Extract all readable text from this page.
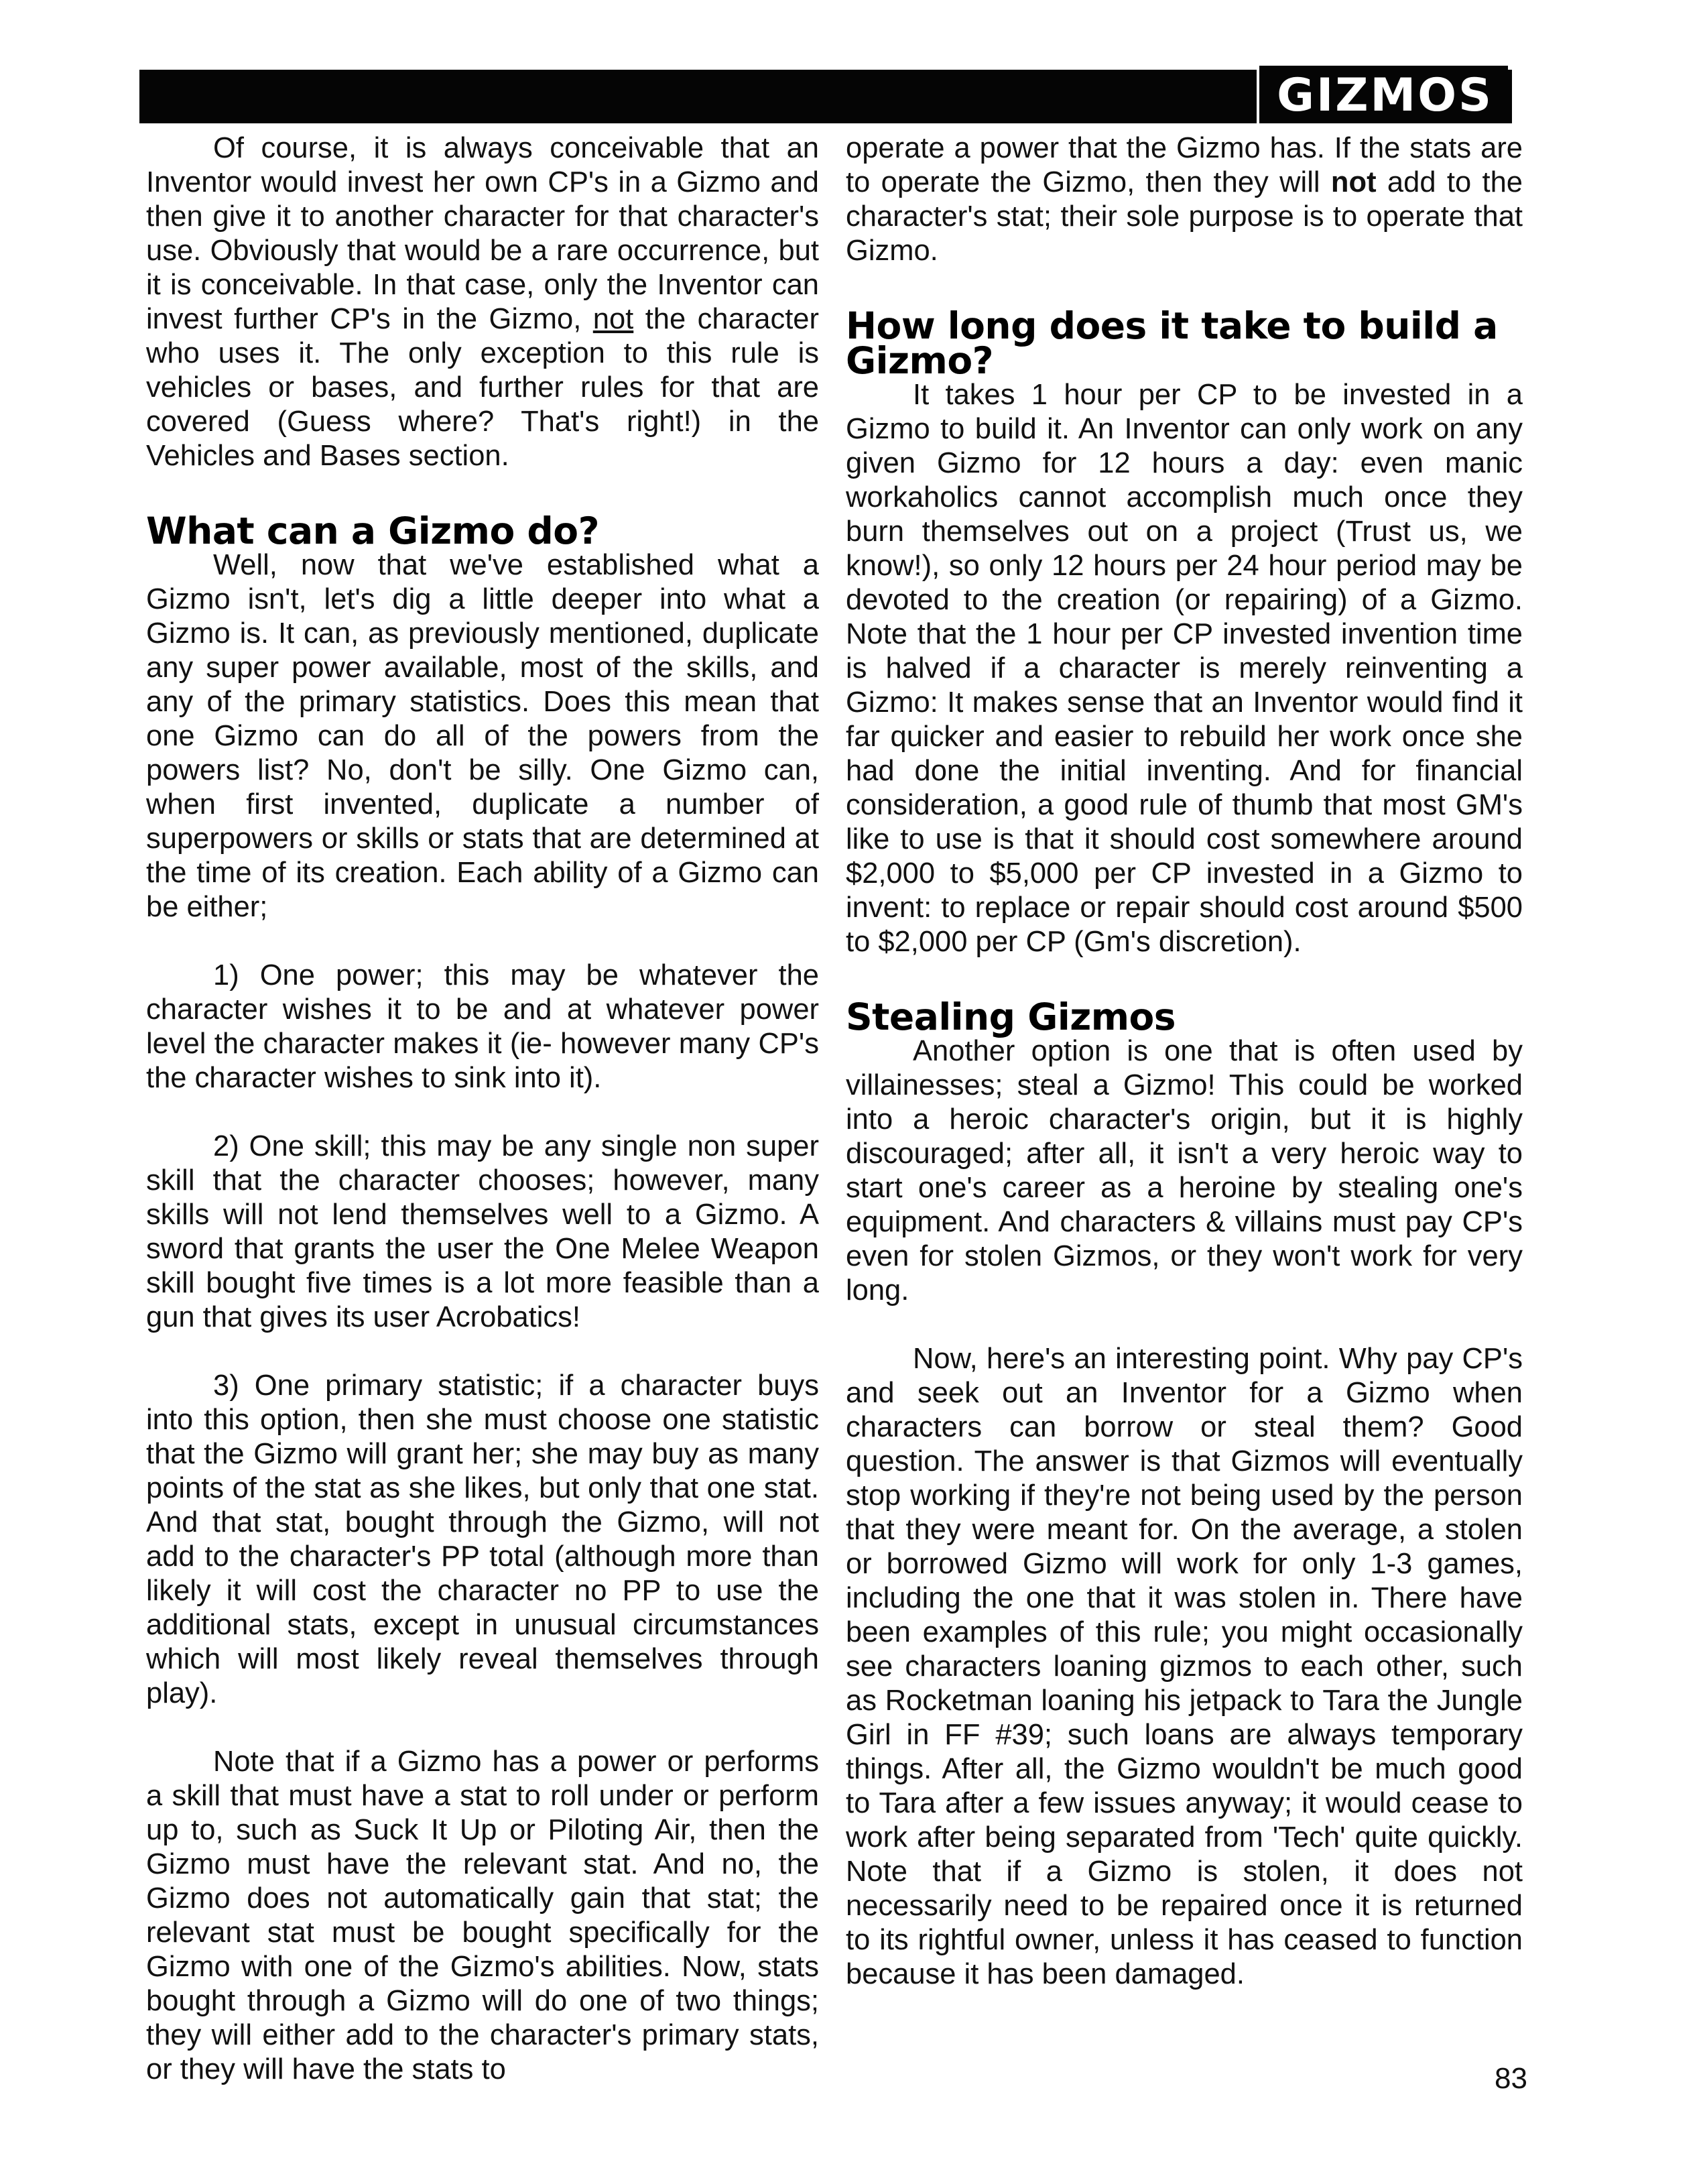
GIZMOS

Of course, it is always conceivable that an Inventor would invest her own CP's in a Gizmo and then give it to another character for that character's use. Obviously that would be a rare occurrence, but it is conceivable. In that case, only the Inventor can invest further CP's in the Gizmo, not the character who uses it. The only exception to this rule is vehicles or bases, and further rules for that are covered (Guess where? That's right!) in the Vehicles and Bases section.

What can a Gizmo do?

Well, now that we've established what a Gizmo isn't, let's dig a little deeper into what a Gizmo is. It can, as previously mentioned, duplicate any super power available, most of the skills, and any of the primary statistics. Does this mean that one Gizmo can do all of the powers from the powers list? No, don't be silly. One Gizmo can, when first invented, duplicate a number of superpowers or skills or stats that are determined at the time of its creation. Each ability of a Gizmo can be either;

1) One power; this may be whatever the character wishes it to be and at whatever power level the character makes it (ie- however many CP's the character wishes to sink into it).

2) One skill; this may be any single non super skill that the character chooses; however, many skills will not lend themselves well to a Gizmo. A sword that grants the user the One Melee Weapon skill bought five times is a lot more feasible than a gun that gives its user Acrobatics!

3) One primary statistic; if a character buys into this option, then she must choose one statistic that the Gizmo will grant her; she may buy as many points of the stat as she likes, but only that one stat. And that stat, bought through the Gizmo, will not add to the character's PP total (although more than likely it will cost the character no PP to use the additional stats, except in unusual circumstances which will most likely reveal themselves through play).

Note that if a Gizmo has a power or performs a skill that must have a stat to roll under or perform up to, such as Suck It Up or Piloting Air, then the Gizmo must have the relevant stat. And no, the Gizmo does not automatically gain that stat; the relevant stat must be bought specifically for the Gizmo with one of the Gizmo's abilities. Now, stats bought through a Gizmo will do one of two things; they will either add to the character's primary stats, or they will have the stats to

operate a power that the Gizmo has. If the stats are to operate the Gizmo, then they will not add to the character's stat; their sole purpose is to operate that Gizmo.

How long does it take to build a Gizmo?

It takes 1 hour per CP to be invested in a Gizmo to build it. An Inventor can only work on any given Gizmo for 12 hours a day: even manic workaholics cannot accomplish much once they burn themselves out on a project (Trust us, we know!), so only 12 hours per 24 hour period may be devoted to the creation (or repairing) of a Gizmo. Note that the 1 hour per CP invested invention time is halved if a character is merely reinventing a Gizmo: It makes sense that an Inventor would find it far quicker and easier to rebuild her work once she had done the initial inventing. And for financial consideration, a good rule of thumb that most GM's like to use is that it should cost somewhere around $2,000 to $5,000 per CP invested in a Gizmo to invent: to replace or repair should cost around $500 to $2,000 per CP (Gm's discretion).

Stealing Gizmos

Another option is one that is often used by villainesses; steal a Gizmo! This could be worked into a heroic character's origin, but it is highly discouraged; after all, it isn't a very heroic way to start one's career as a heroine by stealing one's equipment. And characters & villains must pay CP's even for stolen Gizmos, or they won't work for very long.

Now, here's an interesting point. Why pay CP's and seek out an Inventor for a Gizmo when characters can borrow or steal them? Good question. The answer is that Gizmos will eventually stop working if they're not being used by the person that they were meant for. On the average, a stolen or borrowed Gizmo will work for only 1-3 games, including the one that it was stolen in. There have been examples of this rule; you might occasionally see characters loaning gizmos to each other, such as Rocketman loaning his jetpack to Tara the Jungle Girl in FF #39; such loans are always temporary things. After all, the Gizmo wouldn't be much good to Tara after a few issues anyway; it would cease to work after being separated from 'Tech' quite quickly. Note that if a Gizmo is stolen, it does not necessarily need to be repaired once it is returned to its rightful owner, unless it has ceased to function because it has been damaged.

83
